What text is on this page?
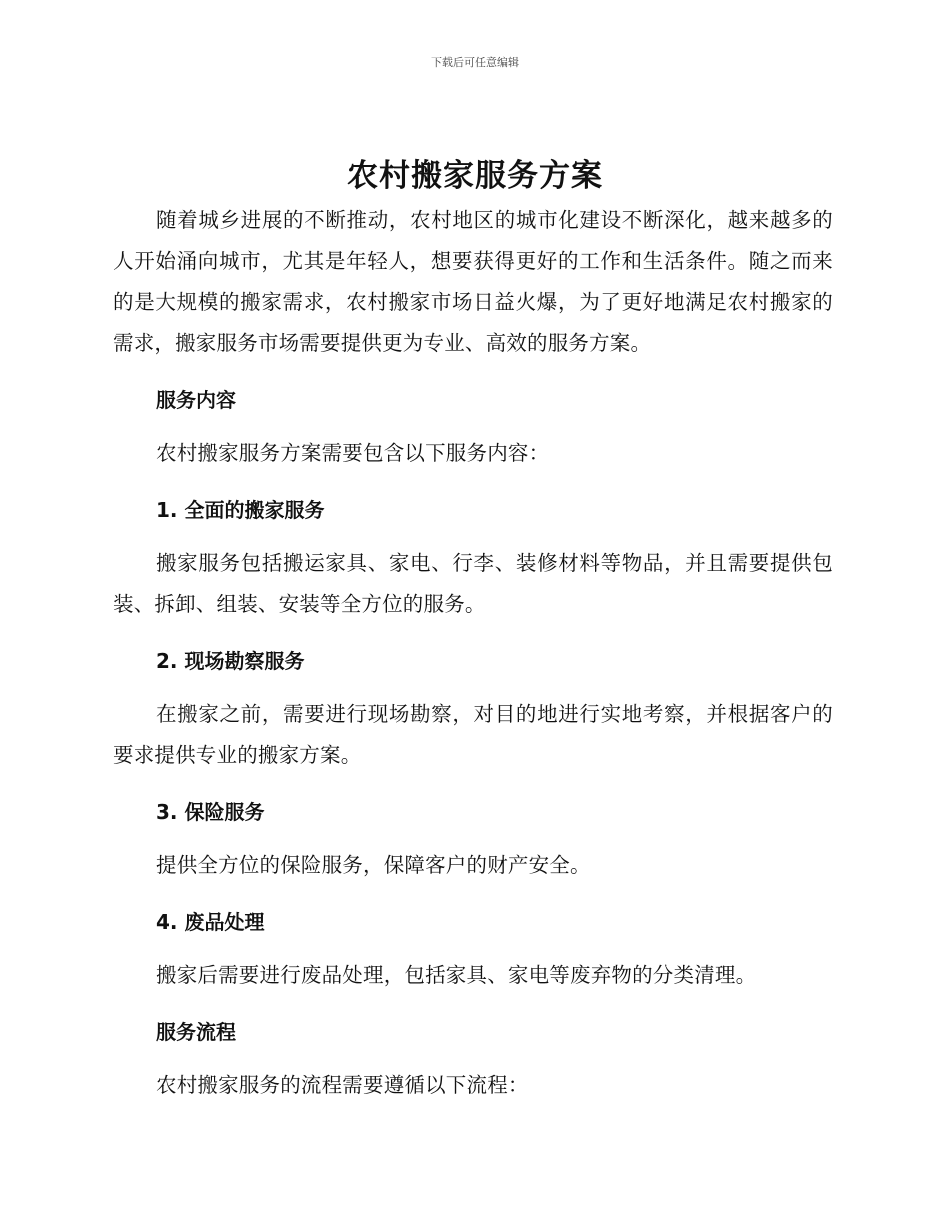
下载后可任意编辑
农村搬家服务方案

随着城乡进展的不断推动，农村地区的城市化建设不断深化，越来越多的人开始涌向城市，尤其是年轻人，想要获得更好的工作和生活条件。随之而来的是大规模的搬家需求，农村搬家市场日益火爆，为了更好地满足农村搬家的需求，搬家服务市场需要提供更为专业、高效的服务方案。

服务内容

农村搬家服务方案需要包含以下服务内容：

1. 全面的搬家服务

搬家服务包括搬运家具、家电、行李、装修材料等物品，并且需要提供包装、拆卸、组装、安装等全方位的服务。

2. 现场勘察服务

在搬家之前，需要进行现场勘察，对目的地进行实地考察，并根据客户的要求提供专业的搬家方案。

3. 保险服务

提供全方位的保险服务，保障客户的财产安全。

4. 废品处理

搬家后需要进行废品处理，包括家具、家电等废弃物的分类清理。

服务流程

农村搬家服务的流程需要遵循以下流程：
